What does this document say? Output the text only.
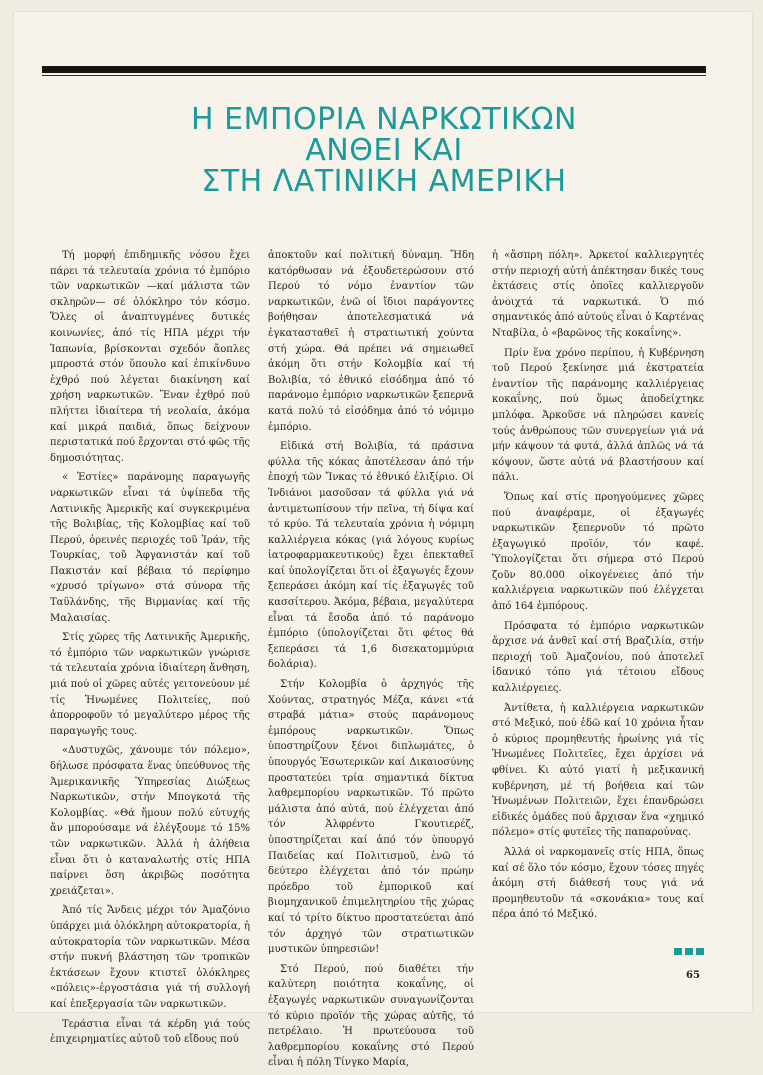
Η ΕΜΠΟΡΙΑ ΝΑΡΚΩΤΙΚΩΝ
ΑΝΘΕΙ ΚΑΙ
ΣΤΗ ΛΑΤΙΝΙΚΗ ΑΜΕΡΙΚΗ

Τή μορφή ἐπιδημικῆς νόσου ἔχει πάρει τά τελευταία χρόνια τό ἐμπόριο τῶν ναρκωτικῶν —καί μάλιστα τῶν σκληρῶν— σέ ὁλόκληρο τόν κόσμο. Ὅλες οἱ ἀναπτυγμένες δυτικές κοινωνίες, ἀπό τίς ΗΠΑ μέχρι τήν Ἰαπωνία, βρίσκονται σχεδόν ἄοπλες μπροστά στόν ὕπουλο καί ἐπικίνδυνο ἐχθρό πού λέγεται διακίνηση καί χρήση ναρκωτικῶν. Ἕναν ἐχθρό πού πλήττει ἰδιαίτερα τή νεολαία, ἀκόμα καί μικρά παιδιά, ὅπως δείχνουν περιστατικά πού ἔρχονται στό φῶς τῆς δημοσιότητας.

« Ἑστίες» παράνομης παραγωγῆς ναρκωτικῶν εἶναι τά ὑψίπεδα τῆς Λατινικῆς Ἀμερικῆς καί συγκεκριμένα τῆς Βολιβίας, τῆς Κολομβίας καί τοῦ Περού, ὀρεινές περιοχές τοῦ Ἰράν, τῆς Τουρκίας, τοῦ Ἀφγανιστάν καί τοῦ Πακιστάν καί βέβαια τό περίφημο «χρυσό τρίγωνο» στά σύνορα τῆς Ταϋλάνδης, τῆς Βιρμανίας καί τῆς Μαλαισίας.

Στίς χῶρες τῆς Λατινικῆς Ἀμερικῆς, τό ἐμπόριο τῶν ναρκωτικῶν γνώρισε τά τελευταία χρόνια ἰδιαίτερη ἄνθηση, μιά πού οἱ χῶρες αὐτές γειτονεύουν μέ τίς Ἡνωμένες Πολιτείες, πού ἀπορροφοῦν τό μεγαλύτερο μέρος τῆς παραγωγῆς τους.

«Δυστυχῶς, χάνουμε τόν πόλεμο», δήλωσε πρόσφατα ἕνας ὑπεύθυνος τῆς Ἀμερικανικῆς Ὑπηρεσίας Διώξεως Ναρκωτικῶν, στήν Μπογκοτά τῆς Κολομβίας. «Θά ἤμουν πολύ εὐτυχής ἄν μπορούσαμε νά ἐλέγξουμε τό 15% τῶν ναρκωτικῶν. Ἀλλά ἡ ἀλήθεια εἶναι ὅτι ὁ καταναλωτής στίς ΗΠΑ παίρνει ὅση ἀκριβῶς ποσότητα χρειάζεται».

Ἀπό τίς Ἄνδεις μέχρι τόν Ἀμαζόνιο ὑπάρχει μιά ὁλόκληρη αὐτοκρατορία, ἡ αὐτοκρατορία τῶν ναρκωτικῶν. Μέσα στήν πυκνή βλάστηση τῶν τροπικῶν ἐκτάσεων ἔχουν κτιστεῖ ὁλόκληρες «πόλεις»-ἐργοστάσια γιά τή συλλογή καί ἐπεξεργασία τῶν ναρκωτικῶν.

Τεράστια εἶναι τά κέρδη γιά τούς ἐπιχειρηματίες αὐτοῦ τοῦ εἴδους πού

ἀποκτοῦν καί πολιτική δύναμη. Ἤδη κατόρθωσαν νά ἐξουδετερώσουν στό Περού τό νόμο ἐναντίον τῶν ναρκωτικῶν, ἐνῶ οἱ ἴδιοι παράγοντες βοήθησαν ἀποτελεσματικά νά ἐγκατασταθεῖ ἡ στρατιωτική χούντα στή χώρα. Θά πρέπει νά σημειωθεῖ ἀκόμη ὅτι στήν Κολομβία καί τή Βολιβία, τό ἐθνικό εἰσόδημα ἀπό τό παράνομο ἐμπόριο ναρκωτικῶν ξεπερνᾶ κατά πολύ τό εἰσόδημα ἀπό τό νόμιμο ἐμπόριο.

Εἰδικά στή Βολιβία, τά πράσινα φύλλα τῆς κόκας ἀποτέλεσαν ἀπό τήν ἐποχή τῶν Ἴνκας τό ἐθνικό ἐλιξίριο. Οἱ Ἰνδιάνοι μασοῦσαν τά φύλλα γιά νά ἀντιμετωπίσουν τήν πεῖνα, τή δίψα καί τό κρύο. Τά τελευταία χρόνια ἡ νόμιμη καλλιέργεια κόκας (γιά λόγους κυρίως ἰατροφαρμακευτικούς) ἔχει ἐπεκταθεῖ καί ὑπολογίζεται ὅτι οἱ ἐξαγωγές ἔχουν ξεπεράσει ἀκόμη καί τίς ἐξαγωγές τοῦ κασσίτερου. Ἀκόμα, βέβαια, μεγαλύτερα εἶναι τά ἔσοδα ἀπό τό παράνομο ἐμπόριο (ὑπολογίζεται ὅτι φέτος θά ξεπεράσει τά 1,6 δισεκατομμύρια δολάρια).

Στήν Κολομβία ὁ ἀρχηγός τῆς Χούντας, στρατηγός Μέζα, κάνει «τά στραβά μάτια» στούς παράνομους ἐμπόρους ναρκωτικῶν. Ὅπως ὑποστηρίζουν ξένοι διπλωμάτες, ὁ ὑπουργός Ἐσωτερικῶν καί Δικαιοσύνης προστατεύει τρία σημαντικά δίκτυα λαθρεμπορίου ναρκωτικῶν. Τό πρῶτο μάλιστα ἀπό αὐτά, πού ἐλέγχεται ἀπό τόν Ἀλφρέντο Γκουτιερέζ, ὑποστηρίζεται καί ἀπό τόν ὑπουργό Παιδείας καί Πολιτισμοῦ, ἐνῶ τό δεύτερο ἐλέγχεται ἀπό τόν πρώην πρόεδρο τοῦ ἐμπορικοῦ καί βιομηχανικοῦ ἐπιμελητηρίου τῆς χώρας καί τό τρίτο δίκτυο προστατεύεται ἀπό τόν ἀρχηγό τῶν στρατιωτικῶν μυστικῶν ὑπηρεσιῶν!

Στό Περού, πού διαθέτει τήν καλύτερη ποιότητα κοκαΐνης, οἱ ἐξαγωγές ναρκωτικῶν συναγωνίζονται τό κύριο προϊόν τῆς χώρας αὐτῆς, τό πετρέλαιο. Ἡ πρωτεύουσα τοῦ λαθρεμπορίου κοκαΐνης στό Περού εἶναι ἡ πόλη Τίνγκο Μαρία,

ἡ «ἄσπρη πόλη». Ἀρκετοί καλλιεργητές στήν περιοχή αὐτή ἀπέκτησαν δικές τους ἐκτάσεις στίς ὁποῖες καλλιεργοῦν ἀνοιχτά τά ναρκωτικά. Ὁ πιό σημαντικός ἀπό αὐτούς εἶναι ὁ Καρτένας Νταβίλα, ὁ «βαρῶνος τῆς κοκαΐνης».

Πρίν ἕνα χρόνο περίπου, ἡ Κυβέρνηση τοῦ Περού ξεκίνησε μιά ἐκστρατεία ἐναντίον τῆς παράνομης καλλιέργειας κοκαΐνης, πού ὅμως ἀποδείχτηκε μπλόφα. Ἀρκοῦσε νά πληρώσει κανείς τούς ἀνθρώπους τῶν συνεργείων γιά νά μήν κάψουν τά φυτά, ἀλλά ἁπλῶς νά τά κόψουν, ὥστε αὐτά νά βλαστήσουν καί πάλι.

Ὅπως καί στίς προηγούμενες χῶρες πού ἀναφέραμε, οἱ ἐξαγωγές ναρκωτικῶν ξεπερνοῦν τό πρῶτο ἐξαγωγικό προϊόν, τόν καφέ. Ὑπολογίζεται ὅτι σήμερα στό Περού ζοῦν 80.000 οἰκογένειες ἀπό τήν καλλιέργεια ναρκωτικῶν πού ἐλέγχεται ἀπό 164 ἐμπόρους.

Πρόσφατα τό ἐμπόριο ναρκωτικῶν ἄρχισε νά ἀνθεῖ καί στή Βραζιλία, στήν περιοχή τοῦ Ἀμαζονίου, πού ἀποτελεῖ ἰδανικό τόπο γιά τέτοιου εἴδους καλλιέργειες.

Ἀντίθετα, ἡ καλλιέργεια ναρκωτικῶν στό Μεξικό, πού ἐδῶ καί 10 χρόνια ἦταν ὁ κύριος προμηθευτής ἡρωίνης γιά τίς Ἡνωμένες Πολιτεῖες, ἔχει ἀρχίσει νά φθίνει. Κι αὐτό γιατί ἡ μεξικανική κυβέρνηση, μέ τή βοήθεια καί τῶν Ἡνωμένων Πολιτειῶν, ἔχει ἐπανδρώσει εἰδικές ὁμάδες πού ἄρχισαν ἕνα «χημικό πόλεμο» στίς φυτεῖες τῆς παπαρούνας.

Ἀλλά οἱ ναρκομανεῖς στίς ΗΠΑ, ὅπως καί σέ ὅλο τόν κόσμο, ἔχουν τόσες πηγές ἀκόμη στή διάθεσή τους γιά νά προμηθευτοῦν τά «σκονάκια» τους καί πέρα ἀπό τό Μεξικό.

65
